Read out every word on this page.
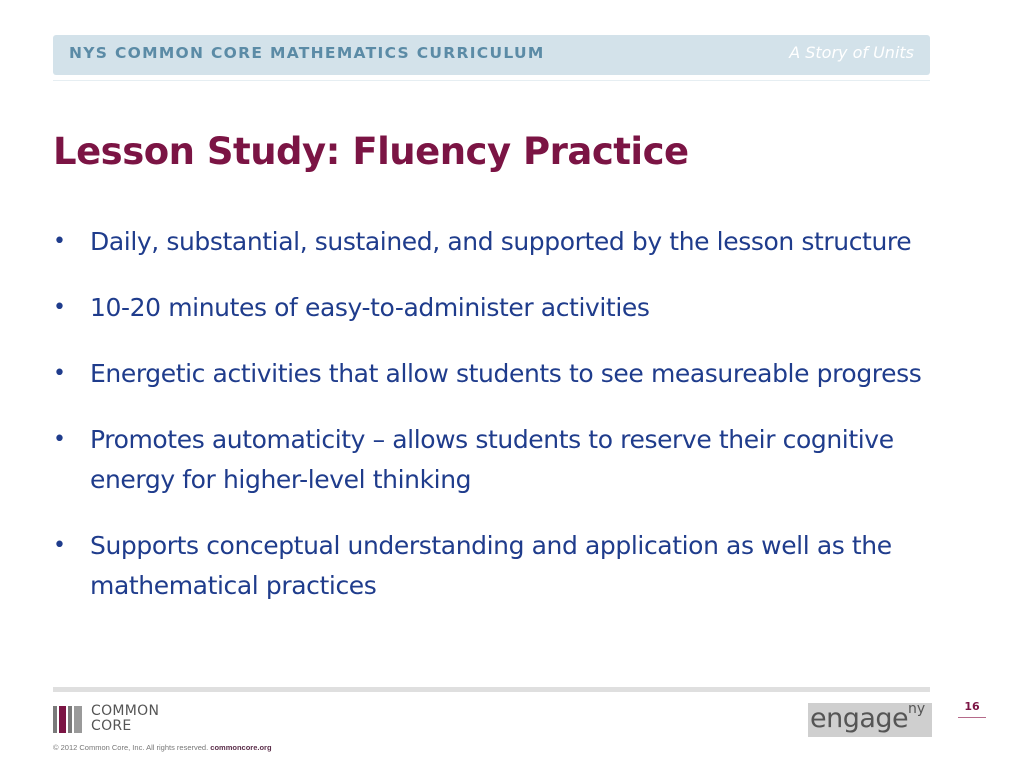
NYS COMMON CORE MATHEMATICS CURRICULUM	A Story of Units
Lesson Study: Fluency Practice
• Daily, substantial, sustained, and supported by the lesson structure
• 10-20 minutes of easy-to-administer activities
• Energetic activities that allow students to see measureable progress
• Promotes automaticity – allows students to reserve their cognitive energy for higher-level thinking
• Supports conceptual understanding and application as well as the mathematical practices
COMMON
CORE
© 2012 Common Core, Inc. All rights reserved. commoncore.org
engage ny	16
